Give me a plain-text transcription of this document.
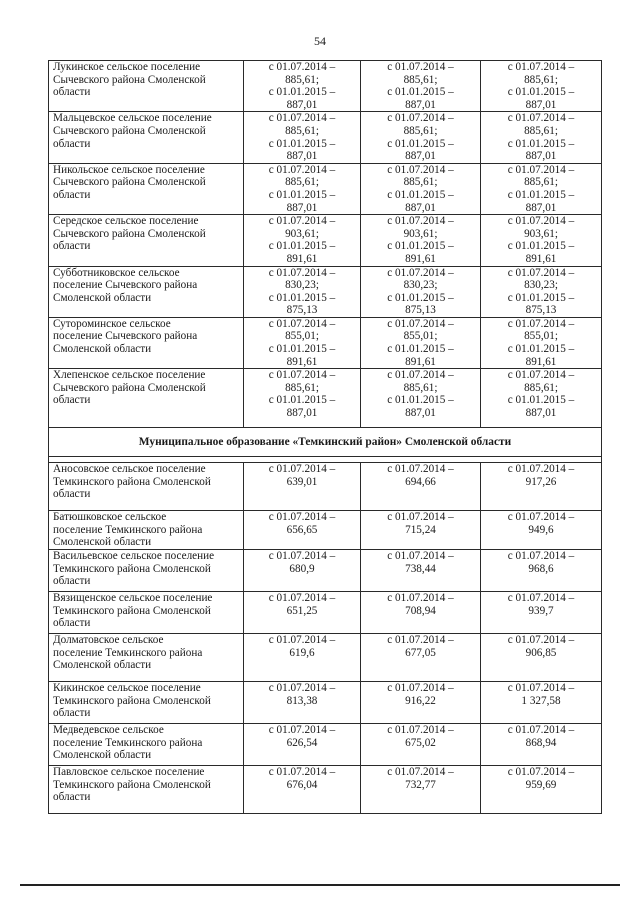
54
Лукинское сельское поселение
Сычевского района Смоленской
области	с 01.07.2014 –
885,61;
с 01.01.2015 –
887,01	с 01.07.2014 –
885,61;
с 01.01.2015 –
887,01	с 01.07.2014 –
885,61;
с 01.01.2015 –
887,01

Мальцевское сельское поселение
Сычевского района Смоленской
области	с 01.07.2014 –
885,61;
с 01.01.2015 –
887,01	с 01.07.2014 –
885,61;
с 01.01.2015 –
887,01	с 01.07.2014 –
885,61;
с 01.01.2015 –
887,01

Никольское сельское поселение
Сычевского района Смоленской
области	с 01.07.2014 –
885,61;
с 01.01.2015 –
887,01	с 01.07.2014 –
885,61;
с 01.01.2015 –
887,01	с 01.07.2014 –
885,61;
с 01.01.2015 –
887,01

Середское сельское поселение
Сычевского района Смоленской
области	с 01.07.2014 –
903,61;
с 01.01.2015 –
891,61	с 01.07.2014 –
903,61;
с 01.01.2015 –
891,61	с 01.07.2014 –
903,61;
с 01.01.2015 –
891,61

Субботниковское сельское
поселение Сычевского района
Смоленской области	с 01.07.2014 –
830,23;
с 01.01.2015 –
875,13	с 01.07.2014 –
830,23;
с 01.01.2015 –
875,13	с 01.07.2014 –
830,23;
с 01.01.2015 –
875,13

Сутороминское сельское
поселение Сычевского района
Смоленской области	с 01.07.2014 –
855,01;
с 01.01.2015 –
891,61	с 01.07.2014 –
855,01;
с 01.01.2015 –
891,61	с 01.07.2014 –
855,01;
с 01.01.2015 –
891,61

Хлепенское сельское поселение
Сычевского района Смоленской
области	с 01.07.2014 –
885,61;
с 01.01.2015 –
887,01	с 01.07.2014 –
885,61;
с 01.01.2015 –
887,01	с 01.07.2014 –
885,61;
с 01.01.2015 –
887,01

Муниципальное образование «Темкинский район» Смоленской области			

Аносовское сельское поселение
Темкинского района Смоленской
области	с 01.07.2014 –
639,01	с 01.07.2014 –
694,66	с 01.07.2014 –
917,26

Батюшковское сельское
поселение Темкинского района
Смоленской области	с 01.07.2014 –
656,65	с 01.07.2014 –
715,24	с 01.07.2014 –
949,6

Васильевское сельское поселение
Темкинского района Смоленской
области	с 01.07.2014 –
680,9	с 01.07.2014 –
738,44	с 01.07.2014 –
968,6

Вязищенское сельское поселение
Темкинского района Смоленской
области	с 01.07.2014 –
651,25	с 01.07.2014 –
708,94	с 01.07.2014 –
939,7

Долматовское сельское
поселение Темкинского района
Смоленской области	с 01.07.2014 –
619,6	с 01.07.2014 –
677,05	с 01.07.2014 –
906,85

Кикинское сельское поселение
Темкинского района Смоленской
области	с 01.07.2014 –
813,38	с 01.07.2014 –
916,22	с 01.07.2014 –
1 327,58

Медведевское сельское
поселение Темкинского района
Смоленской области	с 01.07.2014 –
626,54	с 01.07.2014 –
675,02	с 01.07.2014 –
868,94

Павловское сельское поселение
Темкинского района Смоленской
области	с 01.07.2014 –
676,04	с 01.07.2014 –
732,77	с 01.07.2014 –
959,69
